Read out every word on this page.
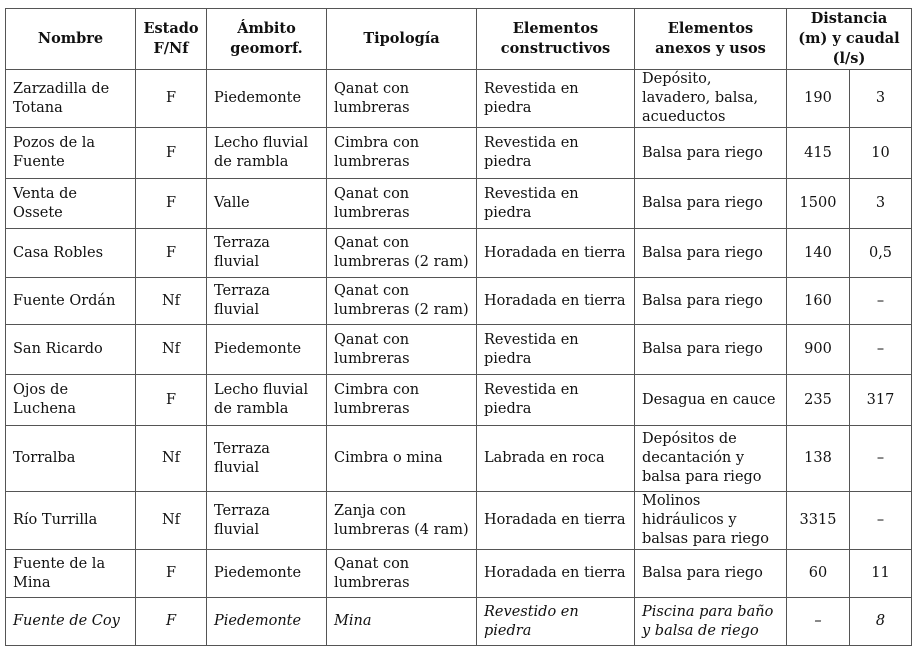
Nombre	Estado F/Nf	Ámbito geomorf.	Tipología	Elementos constructivos	Elementos anexos y usos	Distancia (m) y caudal (l/s)	
Zarzadilla de Totana	F	Piedemonte	Qanat con lumbreras	Revestida en piedra	Depósito, lavadero, balsa, acueductos	190	3
Pozos de la Fuente	F	Lecho fluvial de rambla	Cimbra con lumbreras	Revestida en piedra	Balsa para riego	415	10
Venta de Ossete	F	Valle	Qanat con lumbreras	Revestida en piedra	Balsa para riego	1500	3
Casa Robles	F	Terraza fluvial	Qanat con lumbreras (2 ram)	Horadada en tierra	Balsa para riego	140	0,5
Fuente Ordán	Nf	Terraza fluvial	Qanat con lumbreras (2 ram)	Horadada en tierra	Balsa para riego	160	–
San Ricardo	Nf	Piedemonte	Qanat con lumbreras	Revestida en piedra	Balsa para riego	900	–
Ojos de Luchena	F	Lecho fluvial de rambla	Cimbra con lumbreras	Revestida en piedra	Desagua en cauce	235	317
Torralba	Nf	Terraza fluvial	Cimbra o mina	Labrada en roca	Depósitos de decantación y balsa para riego	138	–
Río Turrilla	Nf	Terraza fluvial	Zanja con lumbreras (4 ram)	Horadada en tierra	Molinos hidráulicos y balsas para riego	3315	–
Fuente de la Mina	F	Piedemonte	Qanat con lumbreras	Horadada en tierra	Balsa para riego	60	11
Fuente de Coy	F	Piedemonte	Mina	Revestido en piedra	Piscina para baño y balsa de riego	–	8
